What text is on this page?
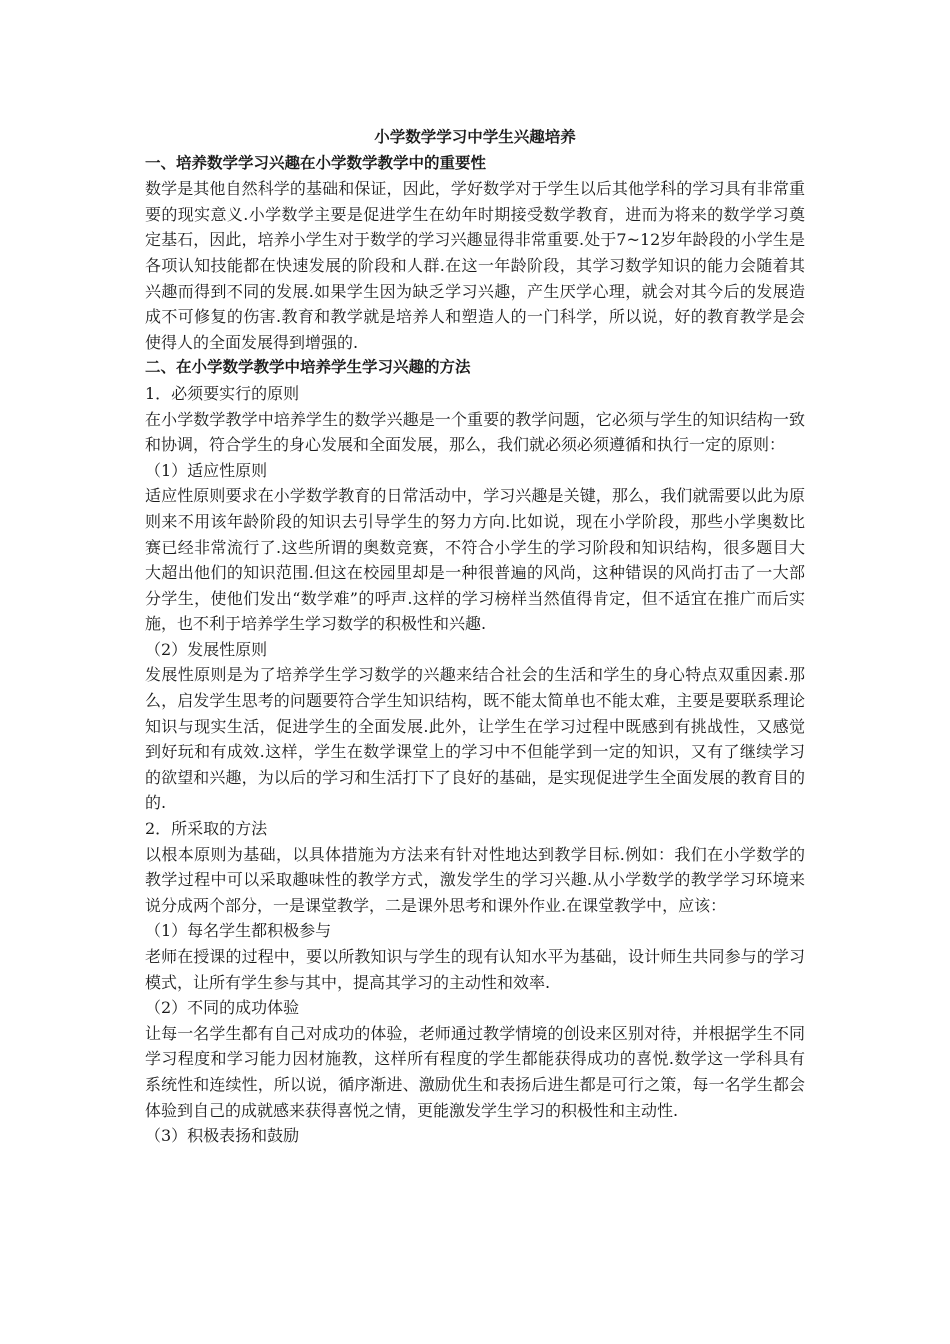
小学数学学习中学生兴趣培养

一、培养数学学习兴趣在小学数学教学中的重要性

数学是其他自然科学的基础和保证，因此，学好数学对于学生以后其他学科的学习具有非常重要的现实意义.小学数学主要是促进学生在幼年时期接受数学教育，进而为将来的数学学习奠定基石，因此，培养小学生对于数学的学习兴趣显得非常重要.处于7~12岁年龄段的小学生是各项认知技能都在快速发展的阶段和人群.在这一年龄阶段，其学习数学知识的能力会随着其兴趣而得到不同的发展.如果学生因为缺乏学习兴趣，产生厌学心理，就会对其今后的发展造成不可修复的伤害.教育和教学就是培养人和塑造人的一门科学，所以说，好的教育教学是会使得人的全面发展得到增强的.

二、在小学数学教学中培养学生学习兴趣的方法

1．必须要实行的原则

在小学数学教学中培养学生的数学兴趣是一个重要的教学问题，它必须与学生的知识结构一致和协调，符合学生的身心发展和全面发展，那么，我们就必须必须遵循和执行一定的原则：

（1）适应性原则

适应性原则要求在小学数学教育的日常活动中，学习兴趣是关键，那么，我们就需要以此为原则来不用该年龄阶段的知识去引导学生的努力方向.比如说，现在小学阶段，那些小学奥数比赛已经非常流行了.这些所谓的奥数竞赛，不符合小学生的学习阶段和知识结构，很多题目大大超出他们的知识范围.但这在校园里却是一种很普遍的风尚，这种错误的风尚打击了一大部分学生，使他们发出“数学难”的呼声.这样的学习榜样当然值得肯定，但不适宜在推广而后实施，也不利于培养学生学习数学的积极性和兴趣.

（2）发展性原则

发展性原则是为了培养学生学习数学的兴趣来结合社会的生活和学生的身心特点双重因素.那么，启发学生思考的问题要符合学生知识结构，既不能太简单也不能太难，主要是要联系理论知识与现实生活，促进学生的全面发展.此外，让学生在学习过程中既感到有挑战性，又感觉到好玩和有成效.这样，学生在数学课堂上的学习中不但能学到一定的知识，又有了继续学习的欲望和兴趣，为以后的学习和生活打下了良好的基础，是实现促进学生全面发展的教育目的的.

2．所采取的方法

以根本原则为基础，以具体措施为方法来有针对性地达到教学目标.例如：我们在小学数学的教学过程中可以采取趣味性的教学方式，激发学生的学习兴趣.从小学数学的教学学习环境来说分成两个部分，一是课堂教学，二是课外思考和课外作业.在课堂教学中，应该：

（1）每名学生都积极参与

老师在授课的过程中，要以所教知识与学生的现有认知水平为基础，设计师生共同参与的学习模式，让所有学生参与其中，提高其学习的主动性和效率.

（2）不同的成功体验

让每一名学生都有自己对成功的体验，老师通过教学情境的创设来区别对待，并根据学生不同学习程度和学习能力因材施教，这样所有程度的学生都能获得成功的喜悦.数学这一学科具有系统性和连续性，所以说，循序渐进、激励优生和表扬后进生都是可行之策，每一名学生都会体验到自己的成就感来获得喜悦之情，更能激发学生学习的积极性和主动性.

（3）积极表扬和鼓励
